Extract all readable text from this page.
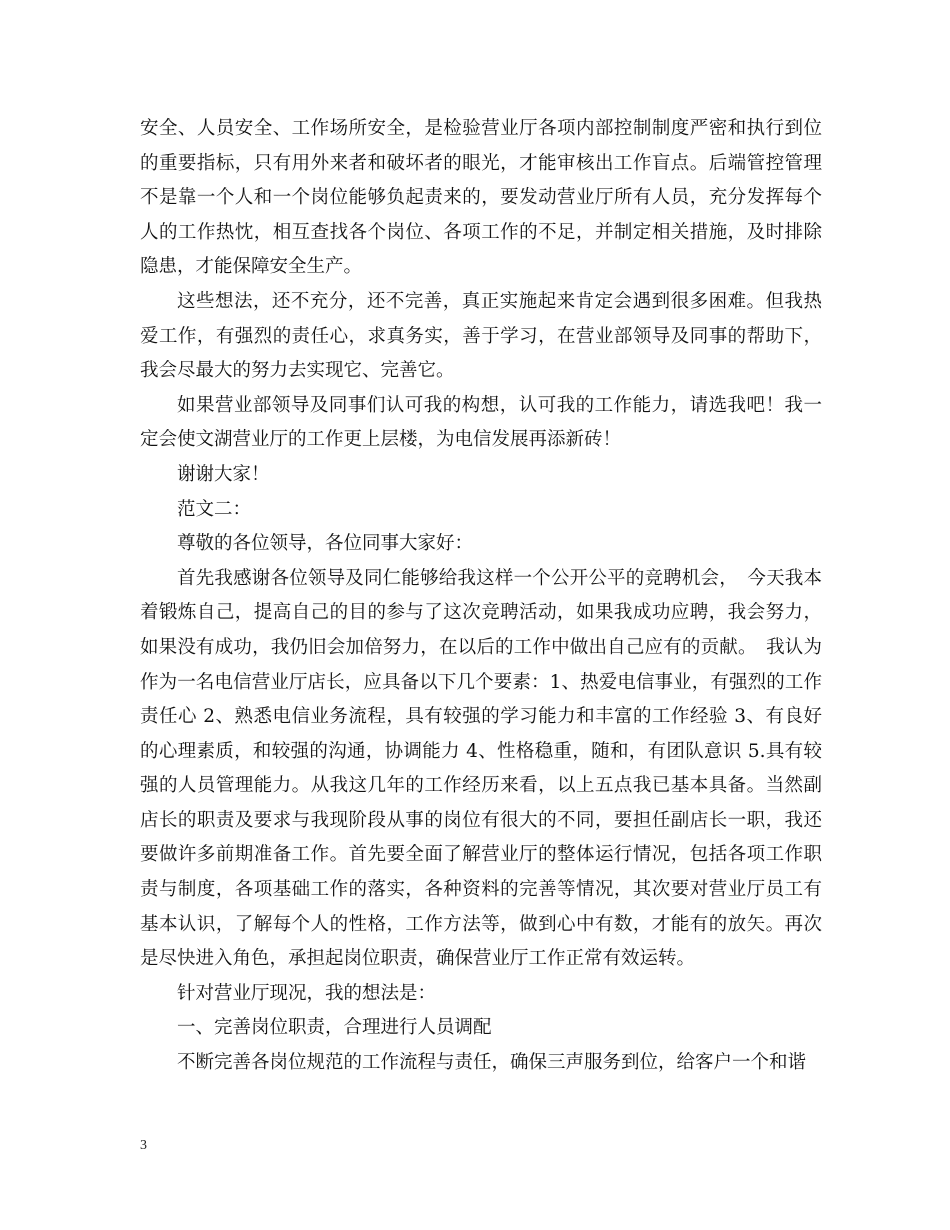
安全、人员安全、工作场所安全，是检验营业厅各项内部控制制度严密和执行到位的重要指标，只有用外来者和破坏者的眼光，才能审核出工作盲点。后端管控管理不是靠一个人和一个岗位能够负起责来的，要发动营业厅所有人员，充分发挥每个人的工作热忱，相互查找各个岗位、各项工作的不足，并制定相关措施，及时排除隐患，才能保障安全生产。

这些想法，还不充分，还不完善，真正实施起来肯定会遇到很多困难。但我热爱工作，有强烈的责任心，求真务实，善于学习，在营业部领导及同事的帮助下，我会尽最大的努力去实现它、完善它。

如果营业部领导及同事们认可我的构想，认可我的工作能力，请选我吧！我一定会使文湖营业厅的工作更上层楼，为电信发展再添新砖！

谢谢大家！

范文二：

尊敬的各位领导，各位同事大家好：

首先我感谢各位领导及同仁能够给我这样一个公开公平的竞聘机会，　今天我本着锻炼自己，提高自己的目的参与了这次竞聘活动，如果我成功应聘，我会努力，如果没有成功，我仍旧会加倍努力，在以后的工作中做出自己应有的贡献。　我认为作为一名电信营业厅店长，应具备以下几个要素：1、热爱电信事业，有强烈的工作责任心 2、熟悉电信业务流程，具有较强的学习能力和丰富的工作经验 3、有良好的心理素质，和较强的沟通，协调能力 4、性格稳重，随和，有团队意识 5.具有较强的人员管理能力。从我这几年的工作经历来看，以上五点我已基本具备。当然副店长的职责及要求与我现阶段从事的岗位有很大的不同，要担任副店长一职，我还要做许多前期准备工作。首先要全面了解营业厅的整体运行情况，包括各项工作职责与制度，各项基础工作的落实，各种资料的完善等情况，其次要对营业厅员工有基本认识，了解每个人的性格，工作方法等，做到心中有数，才能有的放矢。再次是尽快进入角色，承担起岗位职责，确保营业厅工作正常有效运转。

针对营业厅现况，我的想法是：

一、完善岗位职责，合理进行人员调配

不断完善各岗位规范的工作流程与责任，确保三声服务到位，给客户一个和谐

3
